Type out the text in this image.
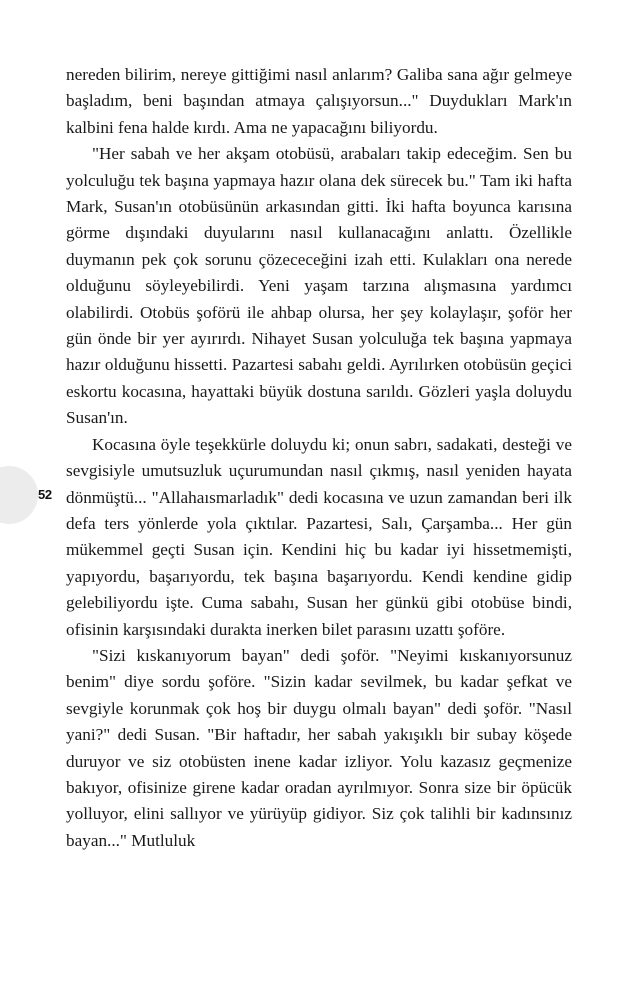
52

nereden bilirim, nereye gittiğimi nasıl anlarım? Galiba sana ağır gelmeye başladım, beni başından atmaya çalışıyorsun..." Duydukları Mark'ın kalbini fena halde kırdı. Ama ne yapacağını biliyordu.

"Her sabah ve her akşam otobüsü, arabaları takip edeceğim. Sen bu yolculuğu tek başına yapmaya hazır olana dek sürecek bu." Tam iki hafta Mark, Susan'ın otobüsünün arkasından gitti. İki hafta boyunca karısına görme dışındaki duyularını nasıl kullanacağını anlattı. Özellikle duymanın pek çok sorunu çözececeğini izah etti. Kulakları ona nerede olduğunu söyleyebilirdi. Yeni yaşam tarzına alışmasına yardımcı olabilirdi. Otobüs şoförü ile ahbap olursa, her şey kolaylaşır, şoför her gün önde bir yer ayırırdı. Nihayet Susan yolculuğa tek başına yapmaya hazır olduğunu hissetti. Pazartesi sabahı geldi. Ayrılırken otobüsün geçici eskortu kocasına, hayattaki büyük dostuna sarıldı. Gözleri yaşla doluydu Susan'ın.

Kocasına öyle teşekkürle doluydu ki; onun sabrı, sadakati, desteği ve sevgisiyle umutsuzluk uçurumundan nasıl çıkmış, nasıl yeniden hayata dönmüştü... "Allahaısmarladık" dedi kocasına ve uzun zamandan beri ilk defa ters yönlerde yola çıktılar. Pazartesi, Salı, Çarşamba... Her gün mükemmel geçti Susan için. Kendini hiç bu kadar iyi hissetmemişti, yapıyordu, başarıyordu, tek başına başarıyordu. Kendi kendine gidip gelebiliyordu işte. Cuma sabahı, Susan her günkü gibi otobüse bindi, ofisinin karşısındaki durakta inerken bilet parasını uzattı şoföre.

"Sizi kıskanıyorum bayan" dedi şoför. "Neyimi kıskanıyorsunuz benim" diye sordu şoföre. "Sizin kadar sevilmek, bu kadar şefkat ve sevgiyle korunmak çok hoş bir duygu olmalı bayan" dedi şoför. "Nasıl yani?" dedi Susan. "Bir haftadır, her sabah yakışıklı bir subay köşede duruyor ve siz otobüsten inene kadar izliyor. Yolu kazasız geçmenize bakıyor, ofisinize girene kadar oradan ayrılmıyor. Sonra size bir öpücük yolluyor, elini sallıyor ve yürüyüp gidiyor. Siz çok talihli bir kadınsınız bayan..." Mutluluk
